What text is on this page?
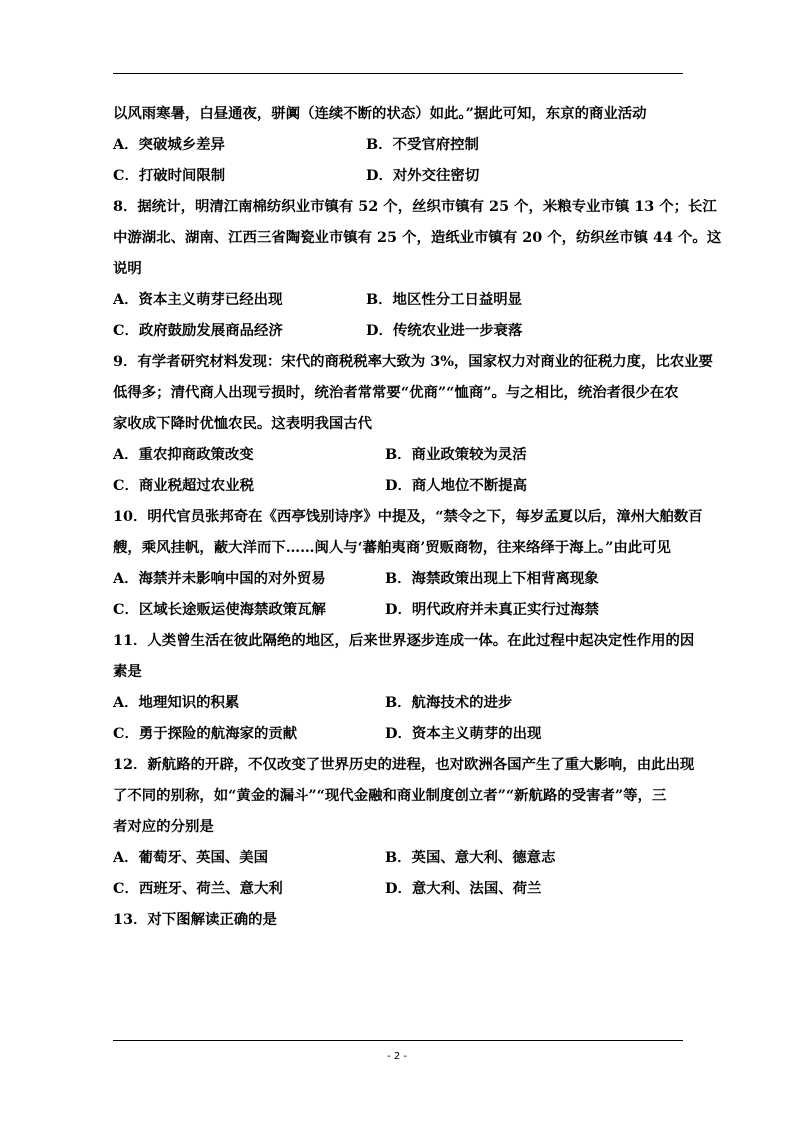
以风雨寒暑，白昼通夜，骈阗（连续不断的状态）如此。”据此可知，东京的商业活动
A．突破城乡差异	B．不受官府控制
C．打破时间限制	D．对外交往密切
8．据统计，明清江南棉纺织业市镇有 52 个，丝织市镇有 25 个，米粮专业市镇 13 个；长江
中游湖北、湖南、江西三省陶瓷业市镇有 25 个，造纸业市镇有 20 个，纺织丝市镇 44 个。这
说明
A．资本主义萌芽已经出现	B．地区性分工日益明显
C．政府鼓励发展商品经济	D．传统农业进一步衰落
9．有学者研究材料发现：宋代的商税税率大致为 3%，国家权力对商业的征税力度，比农业要
低得多；清代商人出现亏损时，统治者常常要“优商”“恤商”。与之相比，统治者很少在农
家收成下降时优恤农民。这表明我国古代
A．重农抑商政策改变	B．商业政策较为灵活
C．商业税超过农业税	D．商人地位不断提高
10．明代官员张邦奇在《西亭饯别诗序》中提及，“禁令之下，每岁孟夏以后，漳州大舶数百
艘，乘风挂帆，蔽大洋而下……闽人与‘蕃舶夷商’贸贩商物，往来络绎于海上。”由此可见
A．海禁并未影响中国的对外贸易	B．海禁政策出现上下相背离现象
C．区域长途贩运使海禁政策瓦解	D．明代政府并未真正实行过海禁
11．人类曾生活在彼此隔绝的地区，后来世界逐步连成一体。在此过程中起决定性作用的因
素是
A．地理知识的积累	B．航海技术的进步
C．勇于探险的航海家的贡献	D．资本主义萌芽的出现
12．新航路的开辟，不仅改变了世界历史的进程，也对欧洲各国产生了重大影响，由此出现
了不同的别称，如“黄金的漏斗”“现代金融和商业制度创立者”“新航路的受害者”等，三
者对应的分别是
A．葡萄牙、英国、美国	B．英国、意大利、德意志
C．西班牙、荷兰、意大利	D．意大利、法国、荷兰
13．对下图解读正确的是
- 2 -
